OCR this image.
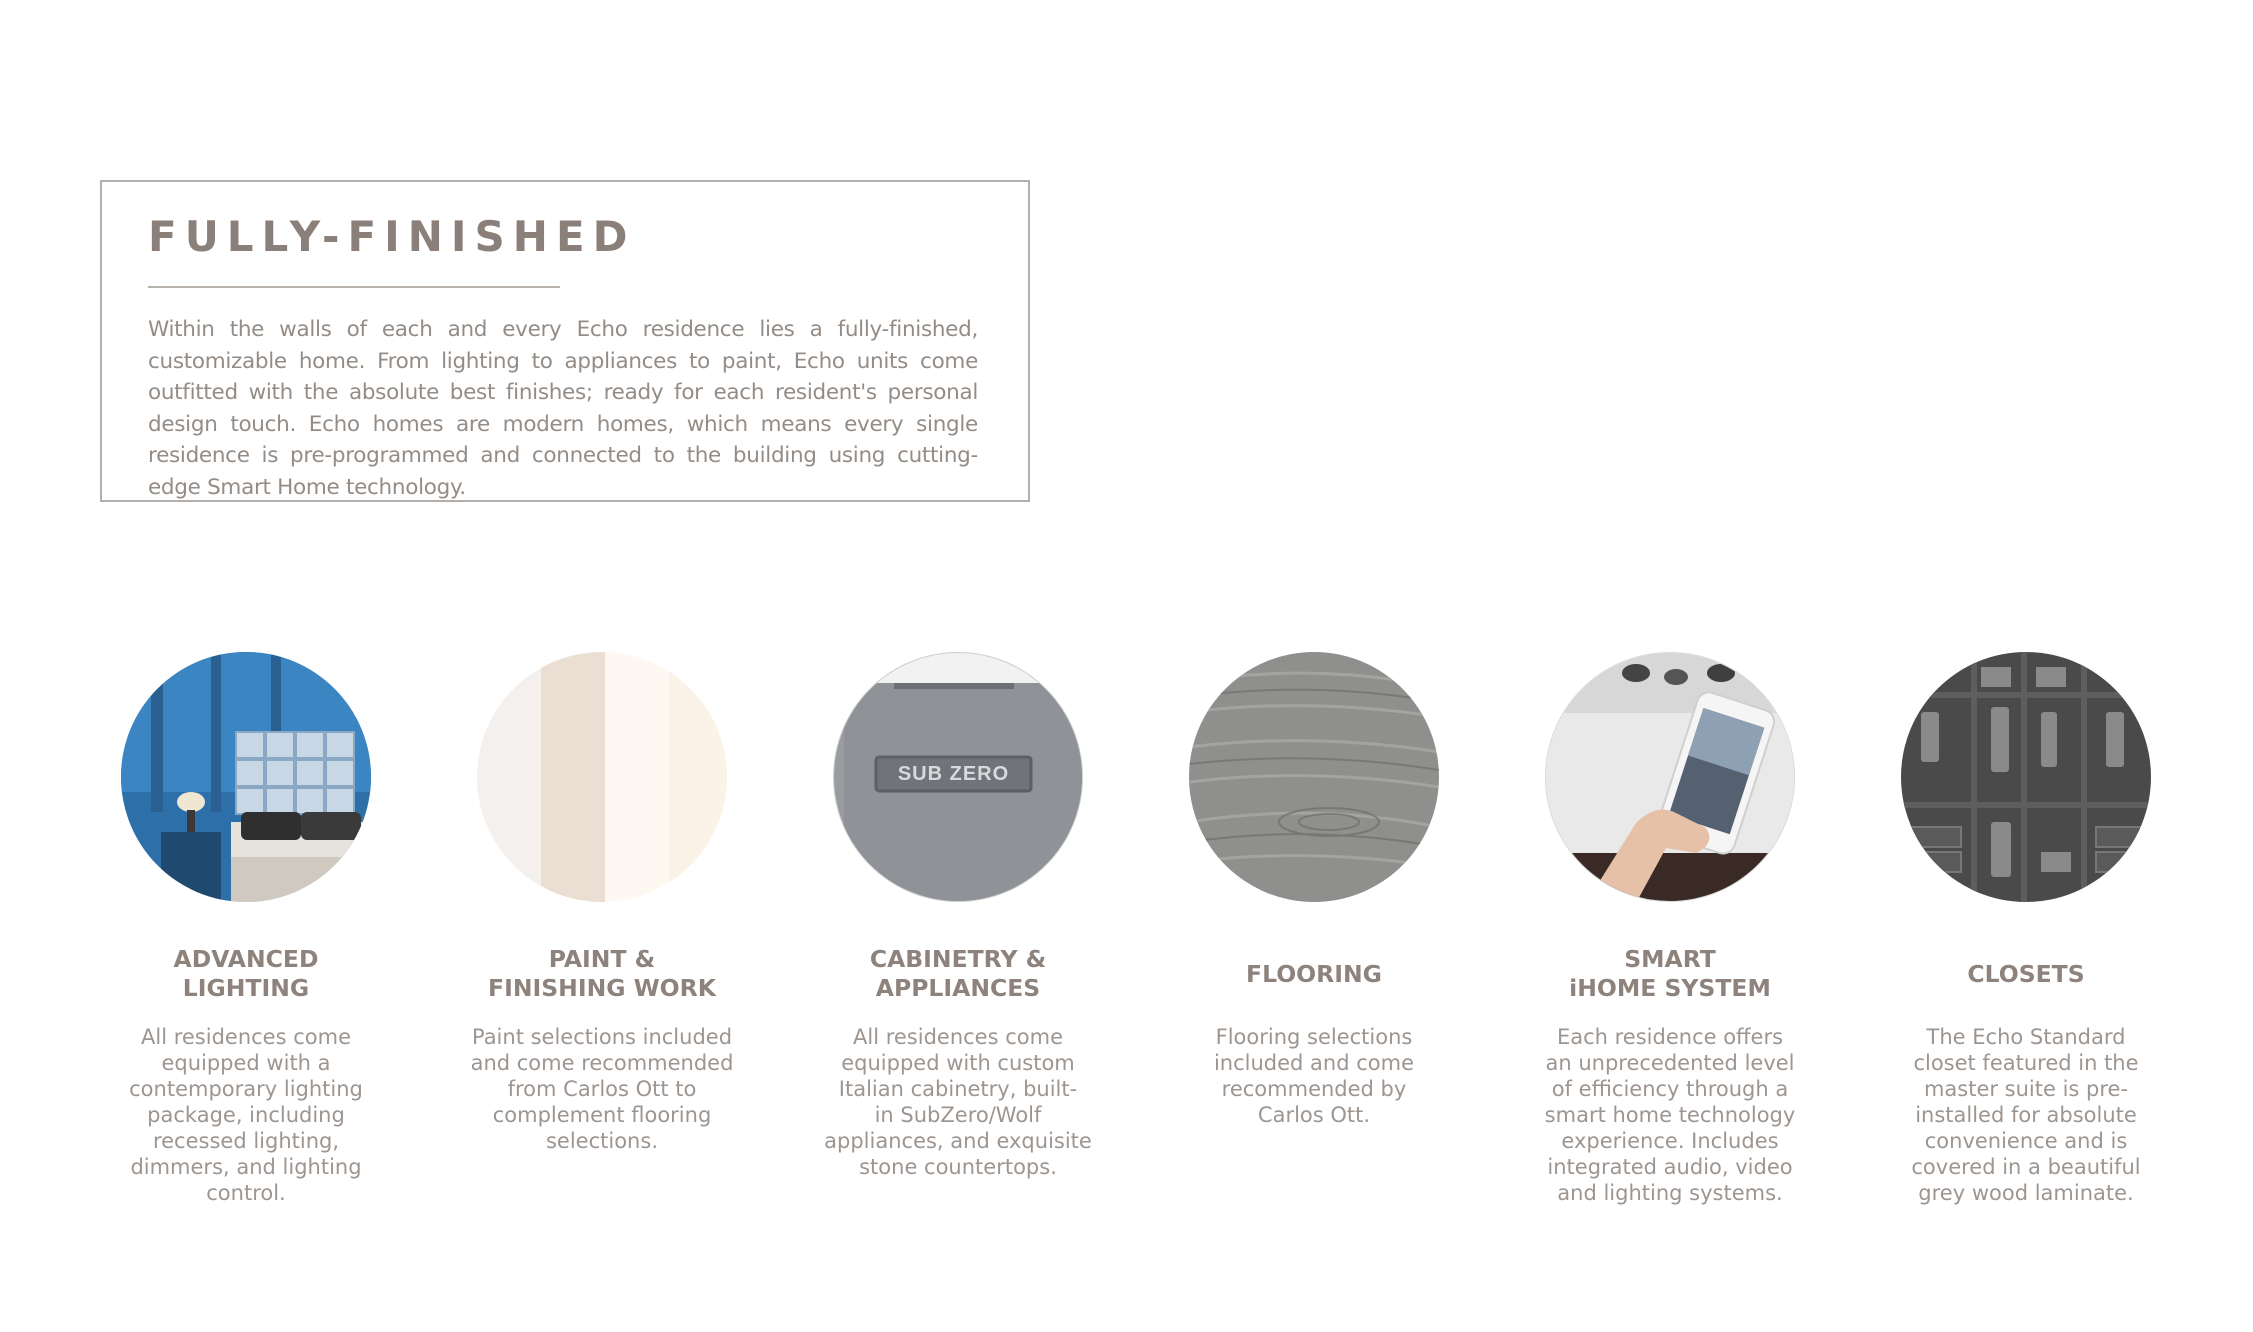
FULLY-FINISHED

Within the walls of each and every Echo residence lies a fully-finished, customizable home. From lighting to appliances to paint, Echo units come outfitted with the absolute best finishes; ready for each resident's personal design touch. Echo homes are modern homes, which means every single residence is pre-programmed and connected to the building using cutting-edge Smart Home technology.

ADVANCED
LIGHTING

All residences come
equipped with a
contemporary lighting
package, including
recessed lighting,
dimmers, and lighting
control.

PAINT &
FINISHING WORK

Paint selections included
and come recommended
from Carlos Ott to
complement flooring
selections.

SUB ZERO
CABINETRY &
APPLIANCES

All residences come
equipped with custom
Italian cabinetry, built-
in SubZero/Wolf
appliances, and exquisite
stone countertops.

FLOORING

Flooring selections
included and come
recommended by
Carlos Ott.

SMART
iHOME SYSTEM

Each residence offers
an unprecedented level
of efficiency through a
smart home technology
experience. Includes
integrated audio, video
and lighting systems.

CLOSETS

The Echo Standard
closet featured in the
master suite is pre-
installed for absolute
convenience and is
covered in a beautiful
grey wood laminate.
